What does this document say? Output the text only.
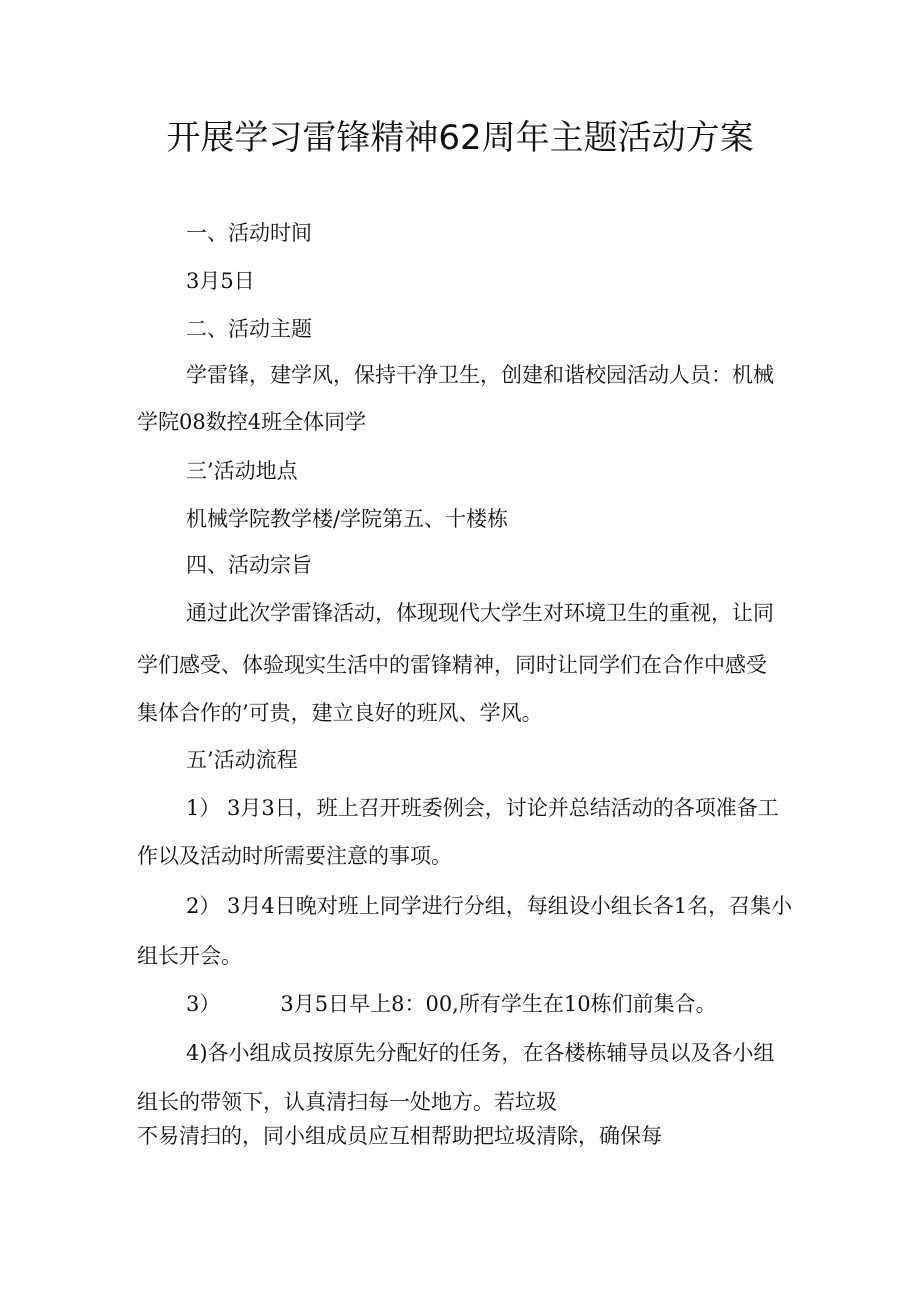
开展学习雷锋精神62周年主题活动方案

一、活动时间

3月5日

二、活动主题

学雷锋，建学风，保持干净卫生，创建和谐校园活动人员：机械

学院08数控4班全体同学

三’活动地点

机械学院教学楼/学院第五、十楼栋

四、活动宗旨

通过此次学雷锋活动，体现现代大学生对环境卫生的重视，让同

学们感受、体验现实生活中的雷锋精神，同时让同学们在合作中感受

集体合作的’可贵，建立良好的班风、学风。

五’活动流程

1） 3月3日，班上召开班委例会，讨论并总结活动的各项准备工

作以及活动时所需要注意的事项。

2） 3月4日晚对班上同学进行分组，每组设小组长各1名，召集小

组长开会。

3）	3月5日早上8：00,所有学生在10栋们前集合。

4)各小组成员按原先分配好的任务，在各楼栋辅导员以及各小组

组长的带领下，认真清扫每一处地方。若垃圾

不易清扫的，同小组成员应互相帮助把垃圾清除，确保每
